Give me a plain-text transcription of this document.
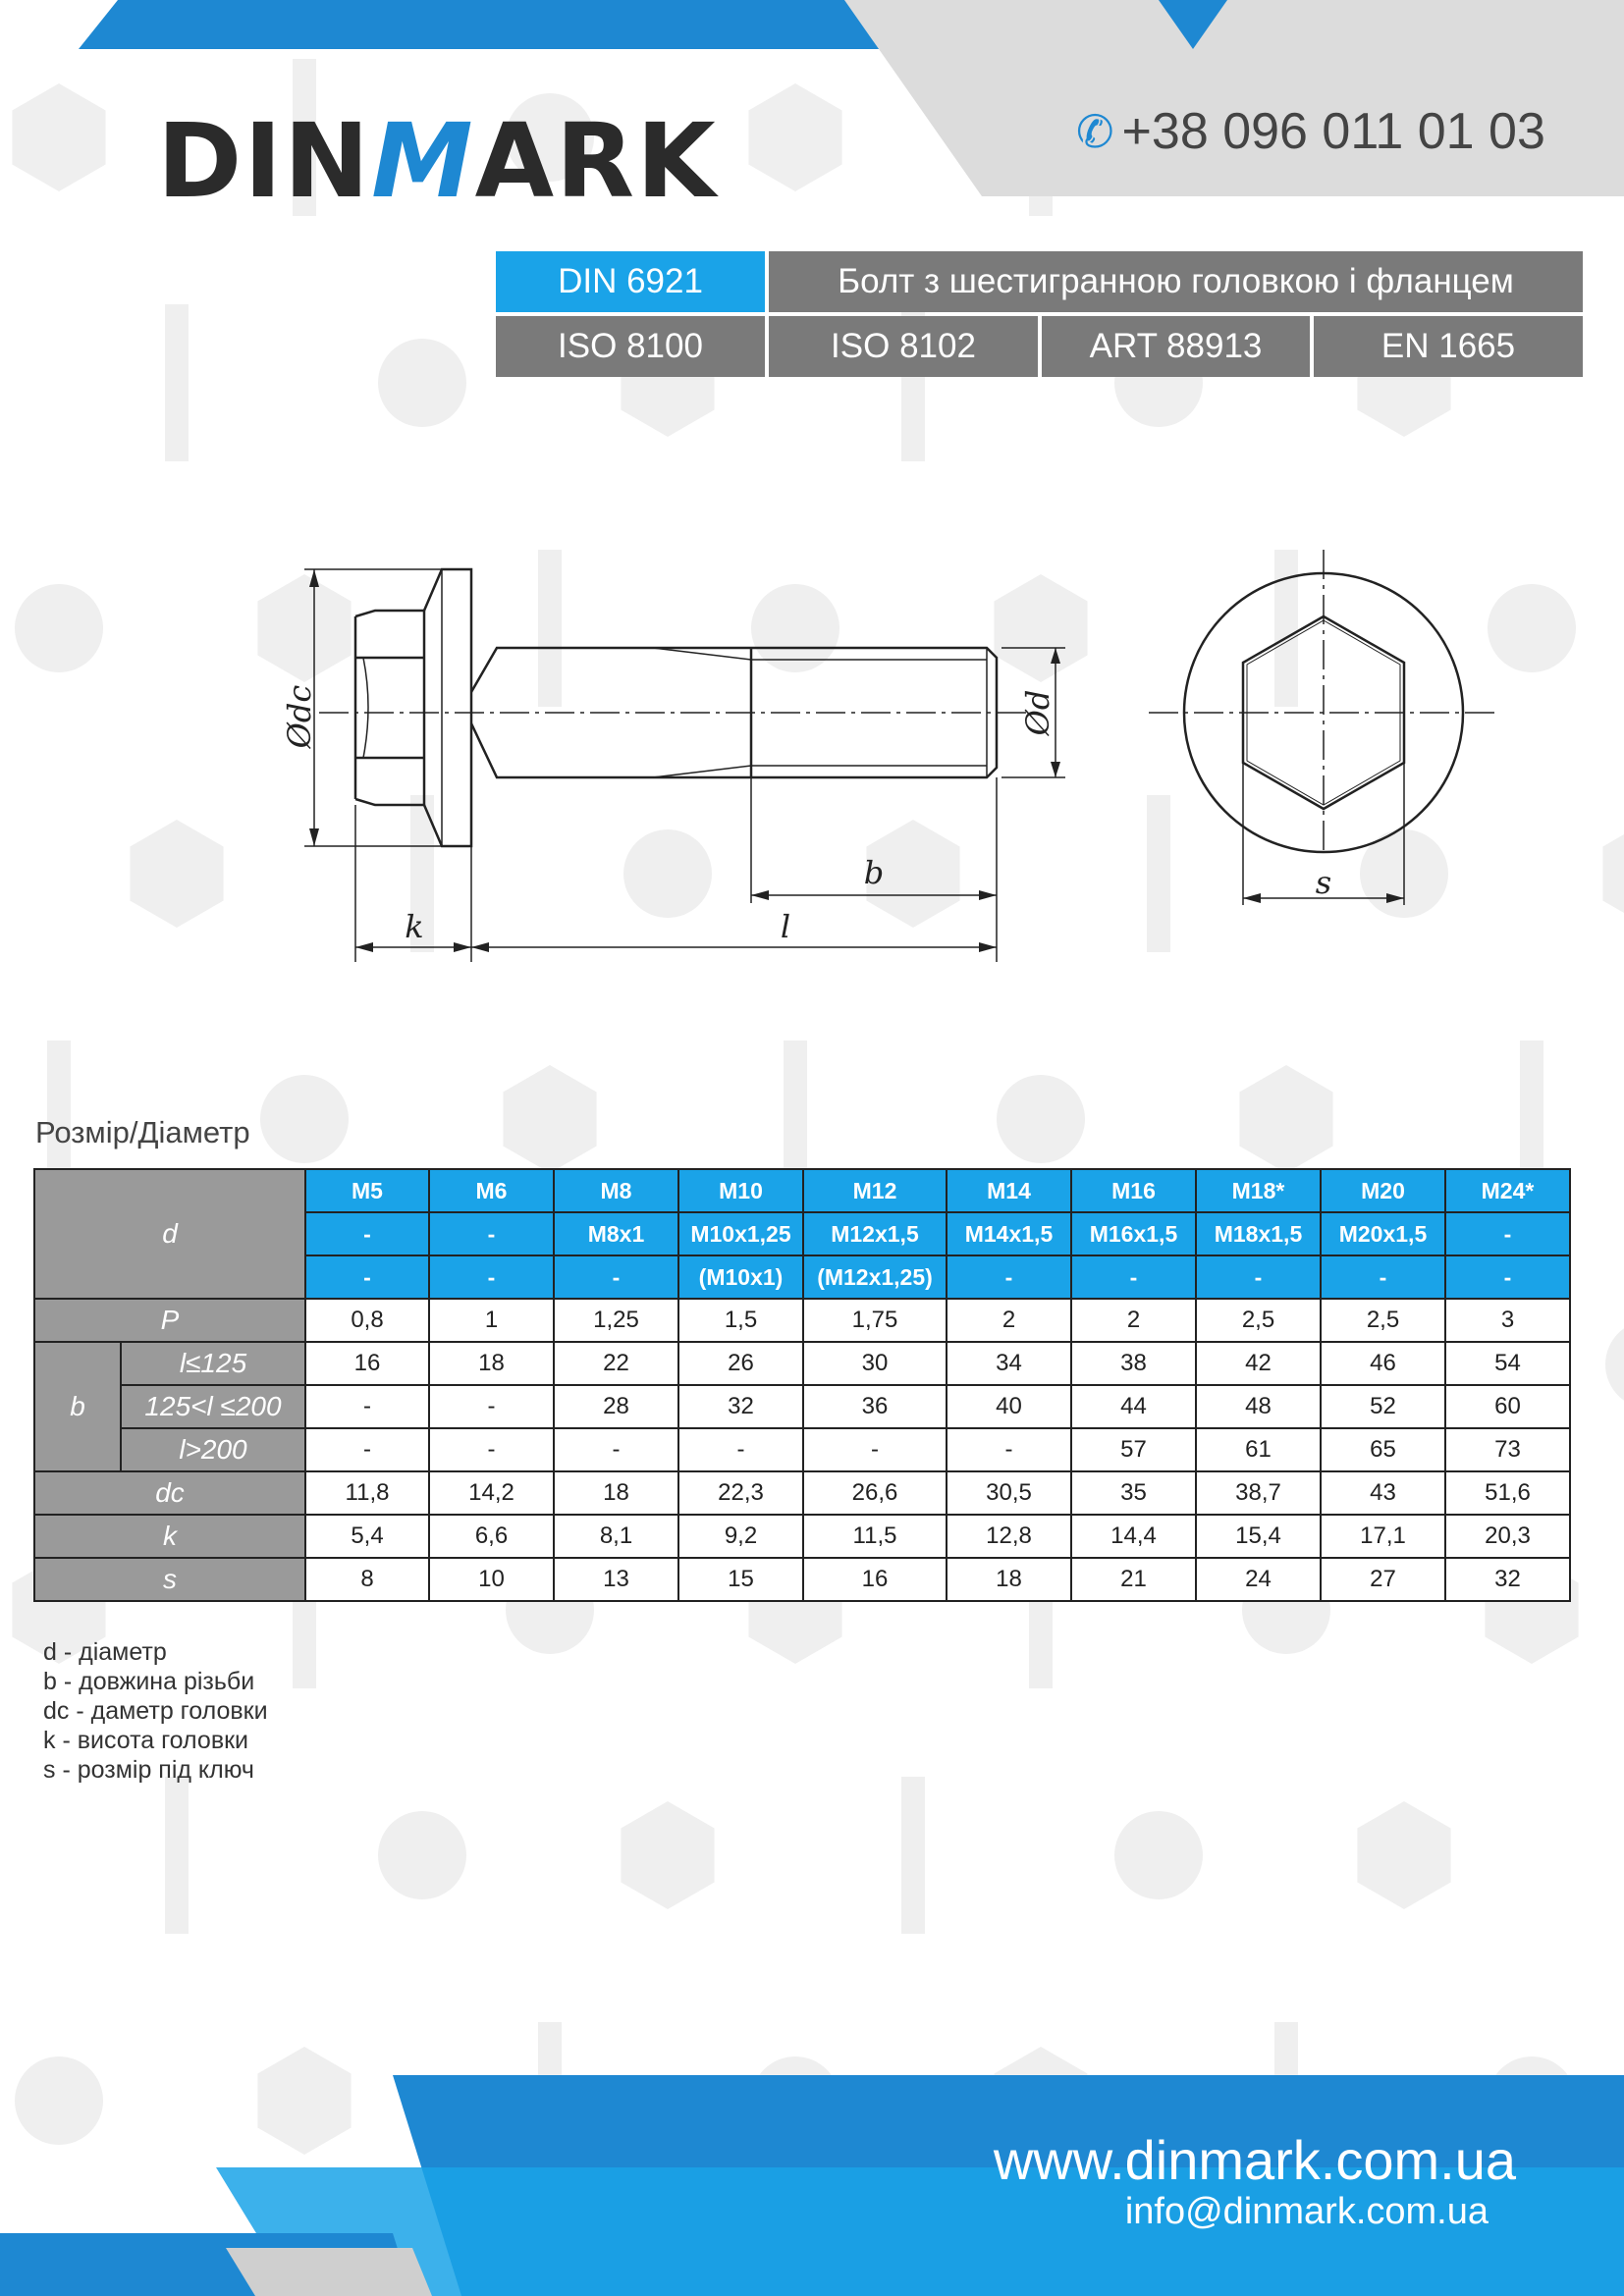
DINMARK	✆ +38 096 011 01 03
DIN 6921	Болт з шестигранною головкою і фланцем
ISO 8100	ISO 8102	ART 88913	EN 1665
Ødc	Ød
b
l
k
s
Розмір/Діаметр
d		M5	M6	M8	M10	M12	M14	M16	M18*	M20	M24*
		-	-	M8x1	M10x1,25	M12x1,5	M14x1,5	M16x1,5	M18x1,5	M20x1,5	-
		-	-	-	(M10x1)	(M12x1,25)	-	-	-	-	-
P		0,8	1	1,25	1,5	1,75	2	2	2,5	2,5	3
b	l≤125	16	18	22	26	30	34	38	42	46	54
	125<l ≤200	-	-	28	32	36	40	44	48	52	60
	l>200	-	-	-	-	-	-	57	61	65	73
dc		11,8	14,2	18	22,3	26,6	30,5	35	38,7	43	51,6
k		5,4	6,6	8,1	9,2	11,5	12,8	14,4	15,4	17,1	20,3
s		8	10	13	15	16	18	21	24	27	32
d - діаметр
b - довжина різьби
dc - даметр головки
k - висота головки
s - розмір під ключ
www.dinmark.com.ua
info@dinmark.com.ua
